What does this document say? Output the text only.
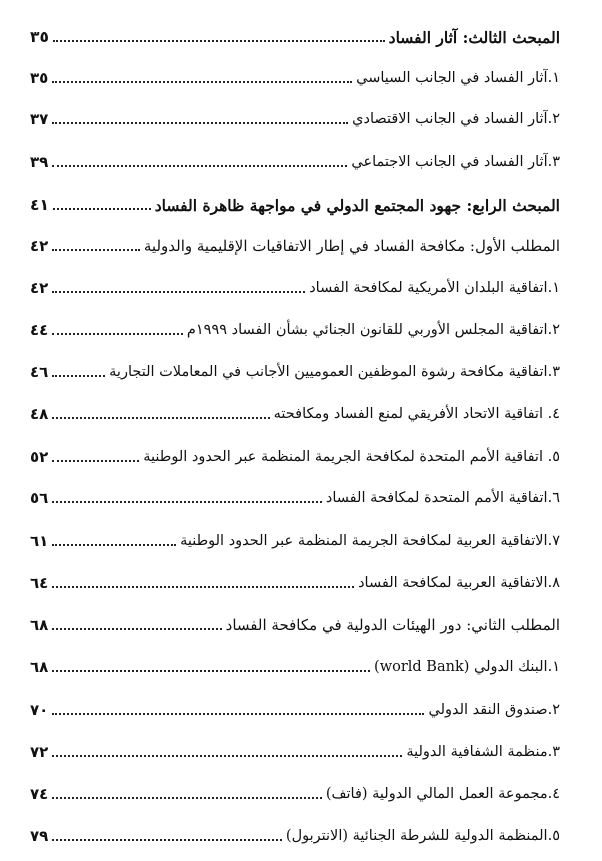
٣٥	المبحث الثالث: آثار الفساد
٣٥	١.آثار الفساد في الجانب السياسي
٣٧	٢.آثار الفساد في الجانب الاقتصادي
٣٩	٣.آثار الفساد في الجانب الاجتماعي
٤١	المبحث الرابع: جهود المجتمع الدولي في مواجهة ظاهرة الفساد
٤٢	المطلب الأول: مكافحة الفساد في إطار الاتفاقيات الإقليمية والدولية
٤٢	١.اتفاقية البلدان الأمريكية لمكافحة الفساد
٤٤	٢.اتفاقية المجلس الأوربي للقانون الجنائي بشأن الفساد ١٩٩٩م
٤٦	٣.اتفاقية مكافحة رشوة الموظفين العموميين الأجانب في المعاملات التجارية
٤٨	٤. اتفاقية الاتحاد الأفريقي لمنع الفساد ومكافحته
٥٢	٥. اتفاقية الأمم المتحدة لمكافحة الجريمة المنظمة عبر الحدود الوطنية
٥٦	٦.اتفاقية الأمم المتحدة لمكافحة الفساد
٦١	٧.الاتفاقية العربية لمكافحة الجريمة المنظمة عبر الحدود الوطنية
٦٤	٨.الاتفاقية العربية لمكافحة الفساد
٦٨	المطلب الثاني: دور الهيئات الدولية في مكافحة الفساد
٦٨	١.البنك الدولي (world Bank)
٧٠	٢.صندوق النقد الدولي
٧٢	٣.منظمة الشفافية الدولية
٧٤	٤.مجموعة العمل المالي الدولية (فاتف)
٧٩	٥.المنظمة الدولية للشرطة الجنائية (الانتربول)
